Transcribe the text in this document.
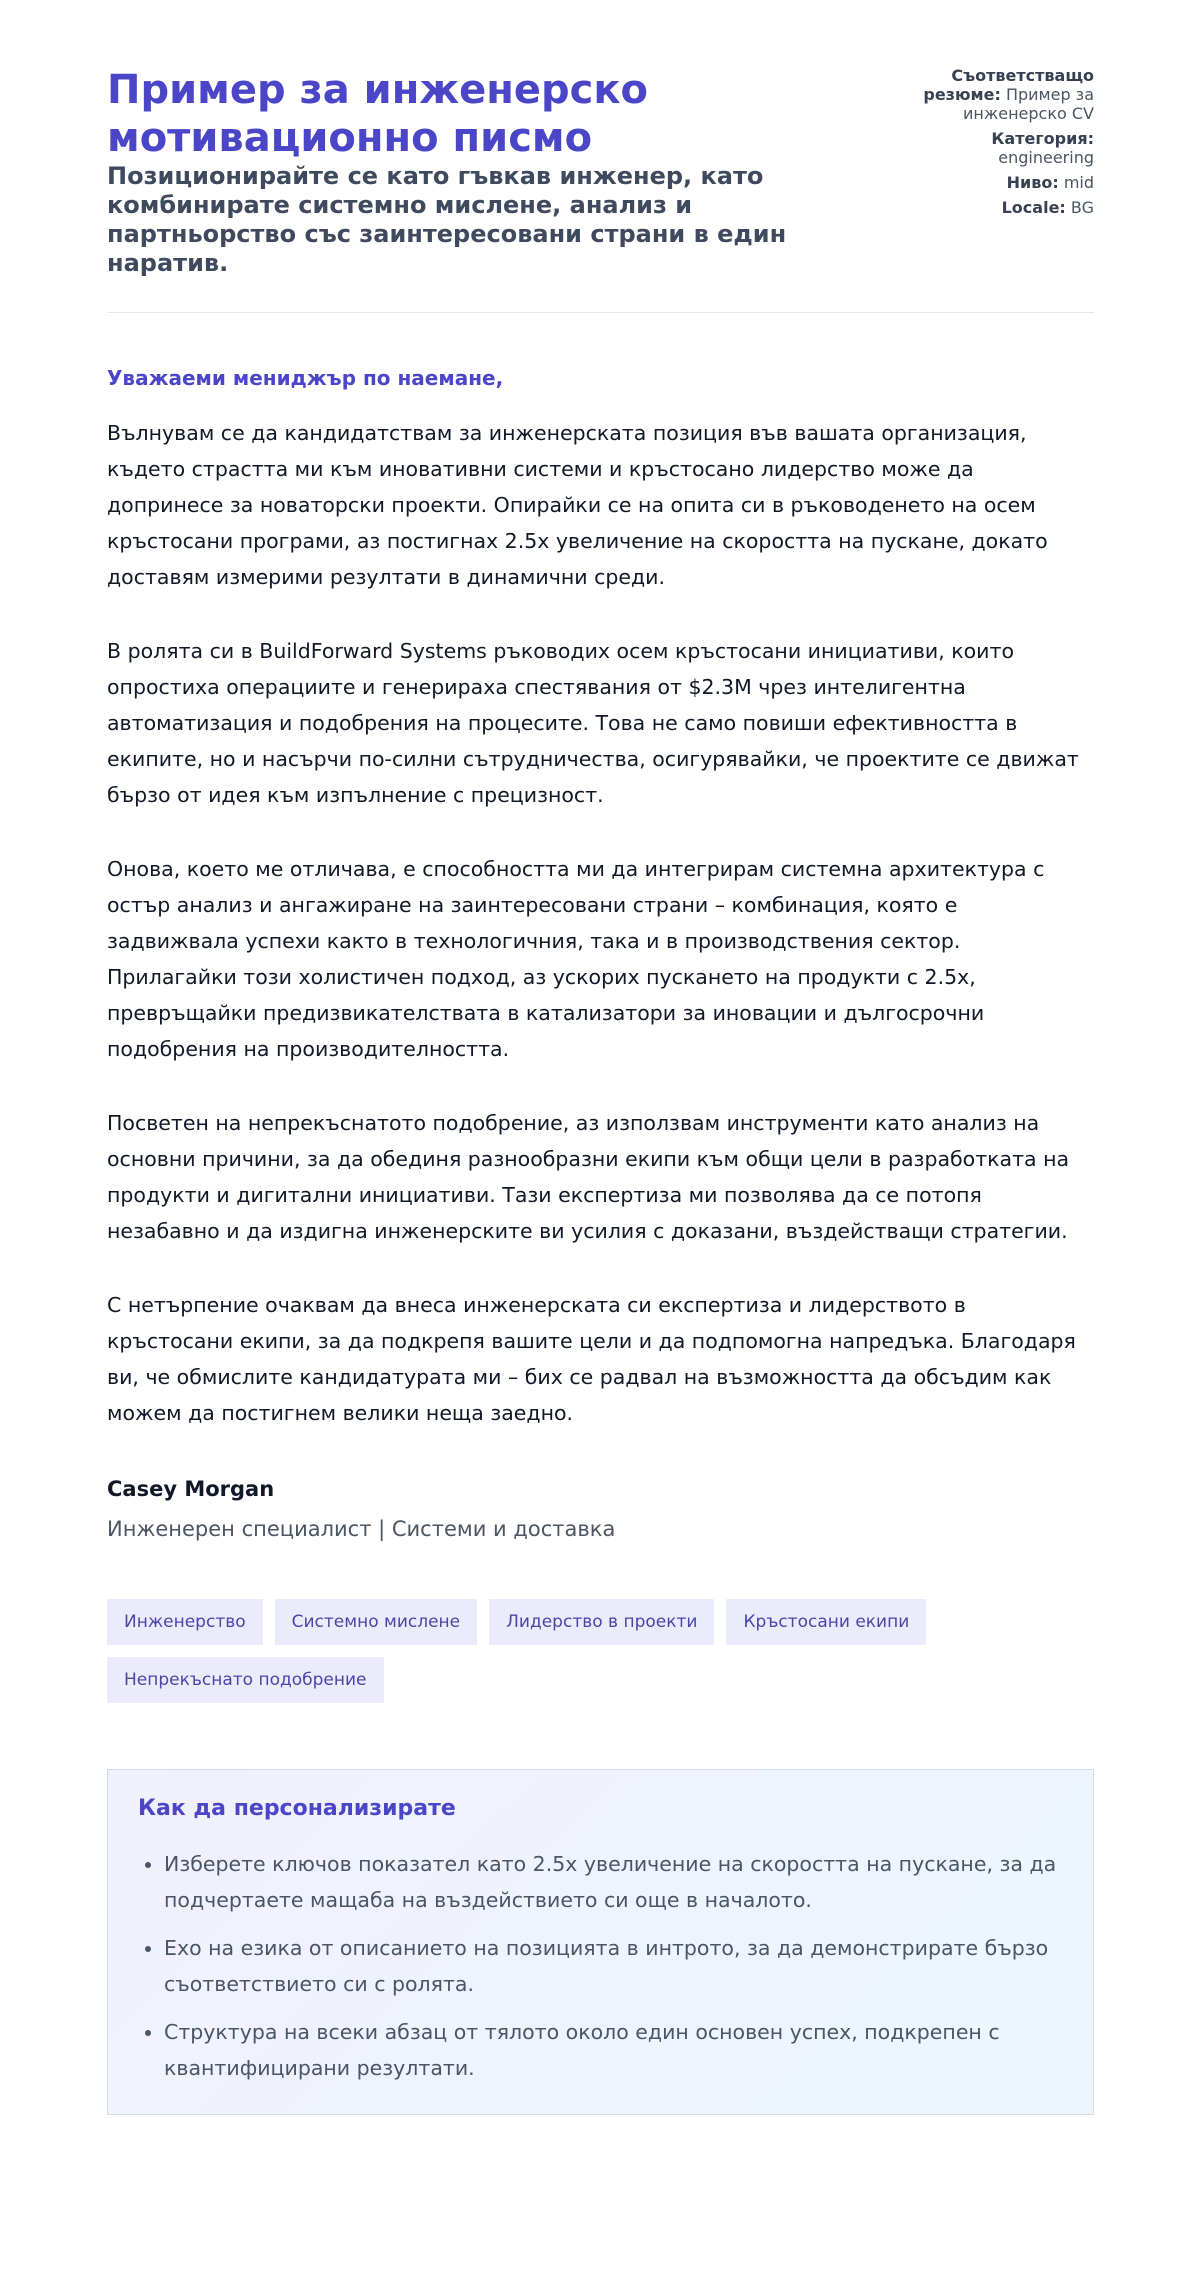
Пример за инженерско мотивационно писмо
Позиционирайте се като гъвкав инженер, като комбинирате системно мислене, анализ и партньорство със заинтересовани страни в един наратив.
Съответстващо резюме: Пример за инженерско CV
Категория: engineering
Ниво: mid
Locale: BG
Уважаеми мениджър по наемане,

Вълнувам се да кандидатствам за инженерската позиция във вашата организация, където страстта ми към иновативни системи и кръстосано лидерство може да допринесе за новаторски проекти. Опирайки се на опита си в ръководенето на осем кръстосани програми, аз постигнах 2.5x увеличение на скоростта на пускане, докато доставям измерими резултати в динамични среди.

В ролята си в BuildForward Systems ръководих осем кръстосани инициативи, които опростиха операциите и генерираха спестявания от $2.3M чрез интелигентна автоматизация и подобрения на процесите. Това не само повиши ефективността в екипите, но и насърчи по-силни сътрудничества, осигурявайки, че проектите се движат бързо от идея към изпълнение с прецизност.

Онова, което ме отличава, е способността ми да интегрирам системна архитектура с остър анализ и ангажиране на заинтересовани страни – комбинация, която е задвижвала успехи както в технологичния, така и в производствения сектор. Прилагайки този холистичен подход, аз ускорих пускането на продукти с 2.5x, превръщайки предизвикателствата в катализатори за иновации и дългосрочни подобрения на производителността.

Посветен на непрекъснатото подобрение, аз използвам инструменти като анализ на основни причини, за да обединя разнообразни екипи към общи цели в разработката на продукти и дигитални инициативи. Тази експертиза ми позволява да се потопя незабавно и да издигна инженерските ви усилия с доказани, въздействащи стратегии.

С нетърпение очаквам да внеса инженерската си експертиза и лидерството в кръстосани екипи, за да подкрепя вашите цели и да подпомогна напредъка. Благодаря ви, че обмислите кандидатурата ми – бих се радвал на възможността да обсъдим как можем да постигнем велики неща заедно.

Casey Morgan
Инженерен специалист | Системи и доставка
Инженерство	Системно мислене	Лидерство в проекти	Кръстосани екипи
Непрекъснато подобрение
Как да персонализирате
• Изберете ключов показател като 2.5x увеличение на скоростта на пускане, за да подчертаете мащаба на въздействието си още в началото.
• Ехо на езика от описанието на позицията в интрото, за да демонстрирате бързо съответствието си с ролята.
• Структура на всеки абзац от тялото около един основен успех, подкрепен с квантифицирани резултати.
